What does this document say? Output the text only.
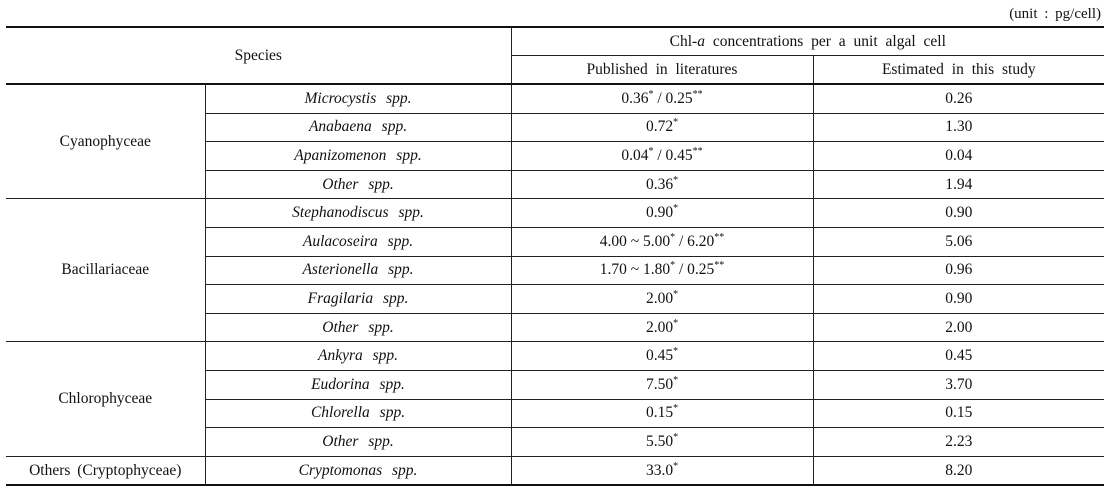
(unit : pg/cell)
Species		Chl-a concentrations per a unit algal cell	
		Published in literatures	Estimated in this study
Cyanophyceae	Microcystis spp.	0.36* / 0.25**	0.26
	Anabaena spp.	0.72*	1.30
	Apanizomenon spp.	0.04* / 0.45**	0.04
	Other spp.	0.36*	1.94
Bacillariaceae	Stephanodiscus spp.	0.90*	0.90
	Aulacoseira spp.	4.00 ~ 5.00* / 6.20**	5.06
	Asterionella spp.	1.70 ~ 1.80* / 0.25**	0.96
	Fragilaria spp.	2.00*	0.90
	Other spp.	2.00*	2.00
Chlorophyceae	Ankyra spp.	0.45*	0.45
	Eudorina spp.	7.50*	3.70
	Chlorella spp.	0.15*	0.15
	Other spp.	5.50*	2.23
Others (Cryptophyceae)	Cryptomonas spp.	33.0*	8.20
